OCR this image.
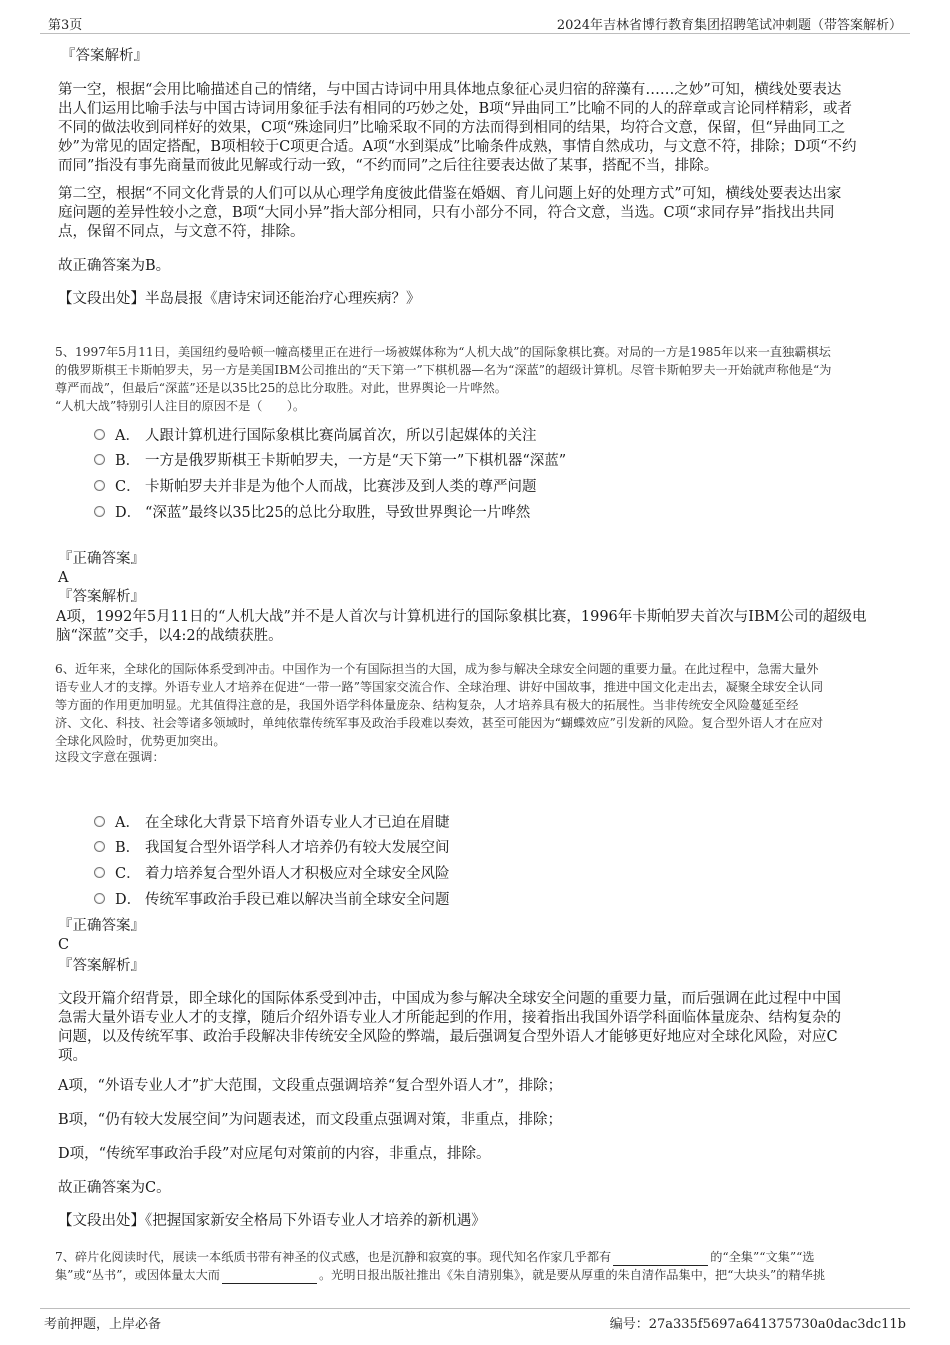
第3页	2024年吉林省博行教育集团招聘笔试冲刺题（带答案解析）
『答案解析』
第一空，根据“会用比喻描述自己的情绪，与中国古诗词中用具体地点象征心灵归宿的辞藻有……之妙”可知，横线处要表达
出人们运用比喻手法与中国古诗词用象征手法有相同的巧妙之处，B项“异曲同工”比喻不同的人的辞章或言论同样精彩，或者
不同的做法收到同样好的效果，C项“殊途同归”比喻采取不同的方法而得到相同的结果，均符合文意，保留，但“异曲同工之
妙”为常见的固定搭配，B项相较于C项更合适。A项“水到渠成”比喻条件成熟，事情自然成功，与文意不符，排除；D项“不约
而同”指没有事先商量而彼此见解或行动一致，“不约而同”之后往往要表达做了某事，搭配不当，排除。
第二空，根据“不同文化背景的人们可以从心理学角度彼此借鉴在婚姻、育儿问题上好的处理方式”可知，横线处要表达出家
庭问题的差异性较小之意，B项“大同小异”指大部分相同，只有小部分不同，符合文意，当选。C项“求同存异”指找出共同
点，保留不同点，与文意不符，排除。
故正确答案为B。
【文段出处】半岛晨报《唐诗宋词还能治疗心理疾病？》
5、1997年5月11日，美国纽约曼哈顿一幢高楼里正在进行一场被媒体称为“人机大战”的国际象棋比赛。对局的一方是1985年以来一直独霸棋坛
的俄罗斯棋王卡斯帕罗夫，另一方是美国IBM公司推出的“天下第一”下棋机器—名为“深蓝”的超级计算机。尽管卡斯帕罗夫一开始就声称他是“为
尊严而战”，但最后“深蓝”还是以35比25的总比分取胜。对此，世界舆论一片哗然。
“人机大战”特别引人注目的原因不是（　　）。
A． 人跟计算机进行国际象棋比赛尚属首次，所以引起媒体的关注
B． 一方是俄罗斯棋王卡斯帕罗夫，一方是“天下第一”下棋机器“深蓝”
C． 卡斯帕罗夫并非是为他个人而战，比赛涉及到人类的尊严问题
D． “深蓝”最终以35比25的总比分取胜，导致世界舆论一片哗然
『正确答案』
A
『答案解析』
A项，1992年5月11日的“人机大战”并不是人首次与计算机进行的国际象棋比赛，1996年卡斯帕罗夫首次与IBM公司的超级电
脑“深蓝”交手，以4:2的战绩获胜。
6、近年来，全球化的国际体系受到冲击。中国作为一个有国际担当的大国，成为参与解决全球安全问题的重要力量。在此过程中，急需大量外
语专业人才的支撑。外语专业人才培养在促进“一带一路”等国家交流合作、全球治理、讲好中国故事，推进中国文化走出去，凝聚全球安全认同
等方面的作用更加明显。尤其值得注意的是，我国外语学科体量庞杂、结构复杂，人才培养具有极大的拓展性。当非传统安全风险蔓延至经
济、文化、科技、社会等诸多领域时，单纯依靠传统军事及政治手段难以奏效，甚至可能因为“蝴蝶效应”引发新的风险。复合型外语人才在应对
全球化风险时，优势更加突出。
这段文字意在强调：
A． 在全球化大背景下培育外语专业人才已迫在眉睫
B． 我国复合型外语学科人才培养仍有较大发展空间
C． 着力培养复合型外语人才积极应对全球安全风险
D． 传统军事政治手段已难以解决当前全球安全问题
『正确答案』
C
『答案解析』
文段开篇介绍背景，即全球化的国际体系受到冲击，中国成为参与解决全球安全问题的重要力量，而后强调在此过程中中国
急需大量外语专业人才的支撑，随后介绍外语专业人才所能起到的作用，接着指出我国外语学科面临体量庞杂、结构复杂的
问题，以及传统军事、政治手段解决非传统安全风险的弊端，最后强调复合型外语人才能够更好地应对全球化风险，对应C
项。
A项，“外语专业人才”扩大范围，文段重点强调培养“复合型外语人才”，排除；
B项，“仍有较大发展空间”为问题表述，而文段重点强调对策，非重点，排除；
D项，“传统军事政治手段”对应尾句对策前的内容，非重点，排除。
故正确答案为C。
【文段出处】《把握国家新安全格局下外语专业人才培养的新机遇》
7、碎片化阅读时代，展读一本纸质书带有神圣的仪式感，也是沉静和寂寞的事。现代知名作家几乎都有	的“全集”“文集”“选
集”或“丛书”，或因体量太大而	。光明日报出版社推出《朱自清别集》，就是要从厚重的朱自清作品集中，把“大块头”的精华挑
考前押题，上岸必备	编号：27a335f5697a641375730a0dac3dc11b
